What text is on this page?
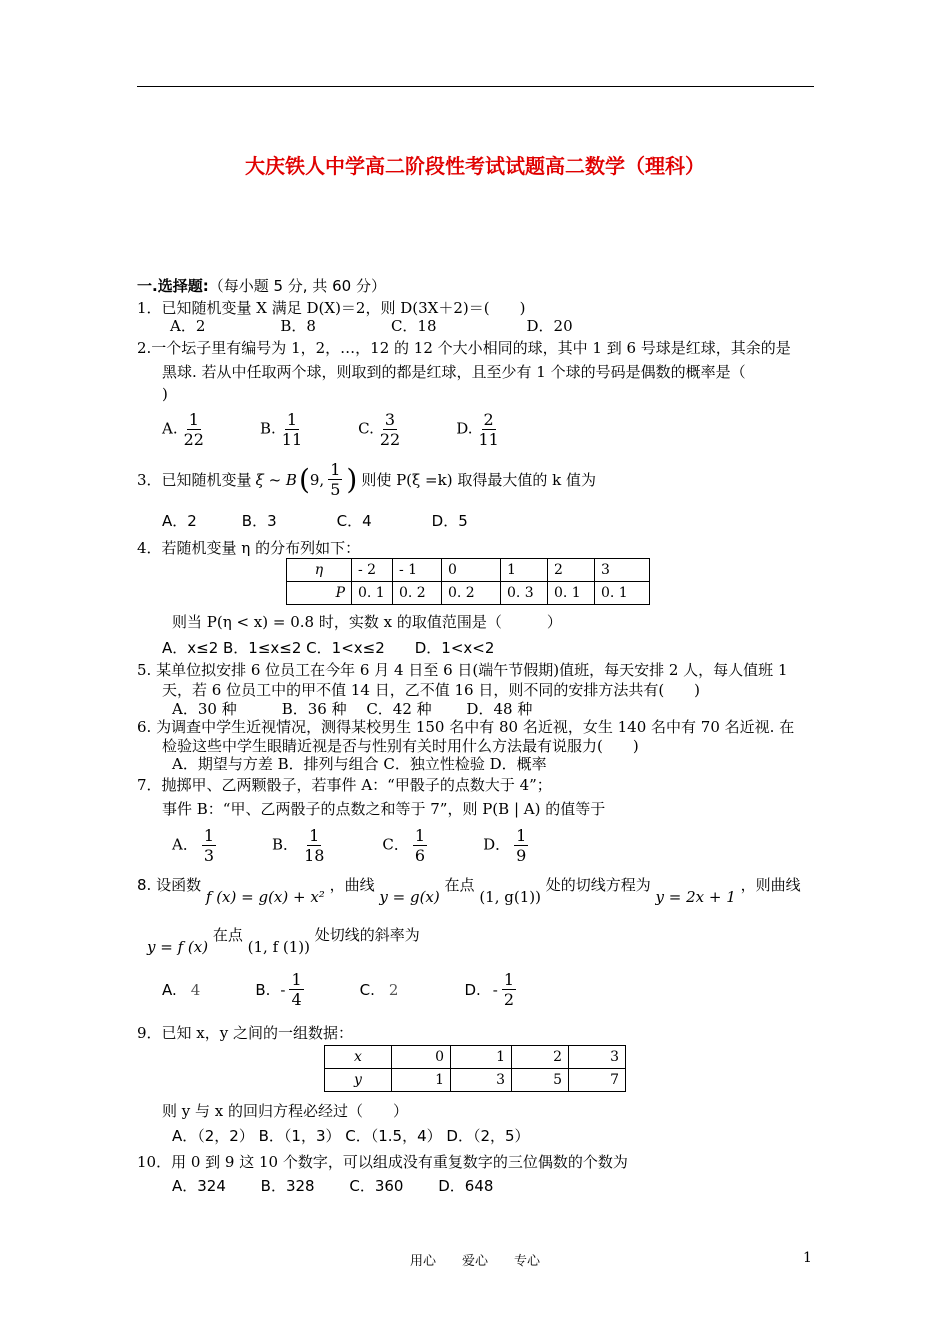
大庆铁人中学高二阶段性考试试题高二数学（理科）
一.选择题:（每小题 5 分, 共 60 分）
1．已知随机变量 X 满足 D(X)＝2，则 D(3X＋2)＝(　　)
A．2　　　　　B．8　　　　　C．18　　　　　　D．20
2.一个坛子里有编号为 1，2，…，12 的 12 个大小相同的球，其中 1 到 6 号球是红球，其余的是
黑球. 若从中任取两个球，则取到的都是红球，且至少有 1 个球的号码是偶数的概率是（
)
A. $\frac{1}{22}$	B. $\frac{1}{11}$	C. $\frac{3}{22}$	D. $\frac{2}{11}$
3．已知随机变量 ξ ~ B ( 9, $\frac{1}{5}$ ) 则使 P(ξ =k) 取得最大值的 k 值为
A．2　　　B．3　　　　C．4　　　　D．5
4．若随机变量 η 的分布列如下：
η	- 2	- 1	0	1	2	3
P	0. 1	0. 2	0. 2	0. 3	0. 1	0. 1
则当 P(η < x) = 0.8 时，实数 x 的取值范围是（　　　）
A．x≤2 B．1≤x≤2 C．1<x≤2　　D．1<x<2
5. 某单位拟安排 6 位员工在今年 6 月 4 日至 6 日(端午节假期)值班，每天安排 2 人，每人值班 1
天，若 6 位员工中的甲不值 14 日，乙不值 16 日，则不同的安排方法共有(　　)
A．30 种　　　B．36 种　 C．42 种　　 D．48 种
6. 为调查中学生近视情况，测得某校男生 150 名中有 80 名近视，女生 140 名中有 70 名近视. 在
检验这些中学生眼睛近视是否与性别有关时用什么方法最有说服力(　　)
A．期望与方差 B．排列与组合 C．独立性检验 D．概率
7．抛掷甲、乙两颗骰子，若事件 A：“甲骰子的点数大于 4”；
事件 B：“甲、乙两骰子的点数之和等于 7”，则 P(B | A) 的值等于
A． $\frac{1}{3}$	B． $\frac{1}{18}$	C． $\frac{1}{6}$	D． $\frac{1}{9}$
8. 设函数 f (x) = g(x) + x² ，曲线 y = g(x) 在点 (1, g(1)) 处的切线方程为 y = 2x + 1 ，则曲线
y = f (x) 在点 (1, f (1)) 处切线的斜率为
A. 4	B. - $\frac{1}{4}$	C. 2	D. - $\frac{1}{2}$
9．已知 x，y 之间的一组数据：
x	0	1	2	3
y	1	3	5	7
则 y 与 x 的回归方程必经过（　　）
A．（2，2） B．（1，3） C．（1.5，4） D．（2，5）
10．用 0 到 9 这 10 个数字，可以组成没有重复数字的三位偶数的个数为
A．324　　 B．328　　 C．360　　 D．648
用心　　爱心　　专心	1
